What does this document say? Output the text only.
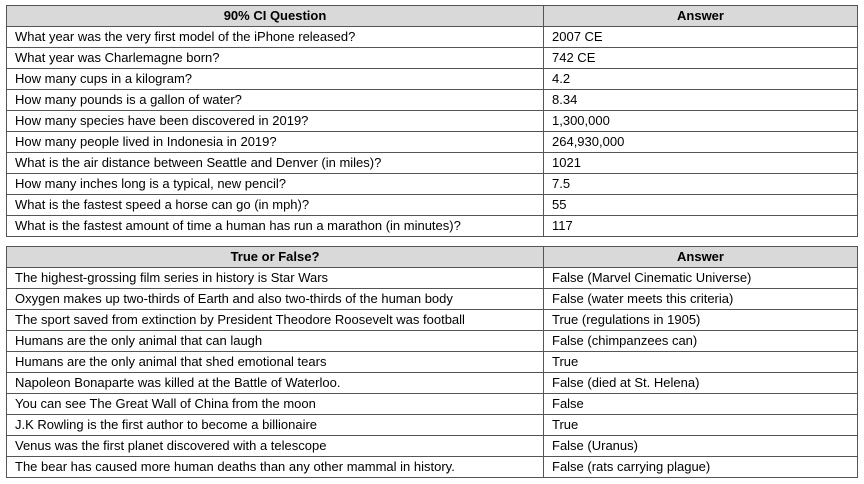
90% CI Question	Answer
What year was the very first model of the iPhone released?	2007 CE
What year was Charlemagne born?	742 CE
How many cups in a kilogram?	4.2
How many pounds is a gallon of water?	8.34
How many species have been discovered in 2019?	1,300,000
How many people lived in Indonesia in 2019?	264,930,000
What is the air distance between Seattle and Denver (in miles)?	1021
How many inches long is a typical, new pencil?	7.5
What is the fastest speed a horse can go (in mph)?	55
What is the fastest amount of time a human has run a marathon (in minutes)?	117
True or False?	Answer
The highest-grossing film series in history is Star Wars	False (Marvel Cinematic Universe)
Oxygen makes up two-thirds of Earth and also two-thirds of the human body	False (water meets this criteria)
The sport saved from extinction by President Theodore Roosevelt was football	True (regulations in 1905)
Humans are the only animal that can laugh	False (chimpanzees can)
Humans are the only animal that shed emotional tears	True
Napoleon Bonaparte was killed at the Battle of Waterloo.	False (died at St. Helena)
You can see The Great Wall of China from the moon	False
J.K Rowling is the first author to become a billionaire	True
Venus was the first planet discovered with a telescope	False (Uranus)
The bear has caused more human deaths than any other mammal in history.	False (rats carrying plague)
